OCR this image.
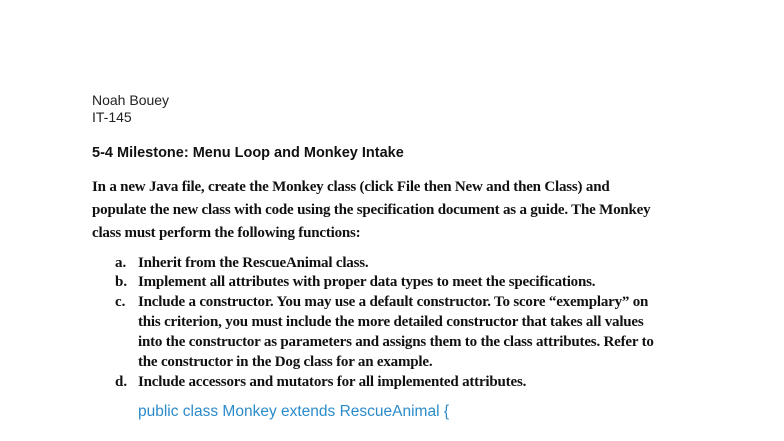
Noah Bouey
IT-145
5-4 Milestone: Menu Loop and Monkey Intake
In a new Java file, create the Monkey class (click File then New and then Class) and
populate the new class with code using the specification document as a guide. The Monkey
class must perform the following functions:
a. Inherit from the RescueAnimal class.
b. Implement all attributes with proper data types to meet the specifications.
c. Include a constructor. You may use a default constructor. To score “exemplary” on
this criterion, you must include the more detailed constructor that takes all values
into the constructor as parameters and assigns them to the class attributes. Refer to
the constructor in the Dog class for an example.
d. Include accessors and mutators for all implemented attributes.
public class Monkey extends RescueAnimal {
